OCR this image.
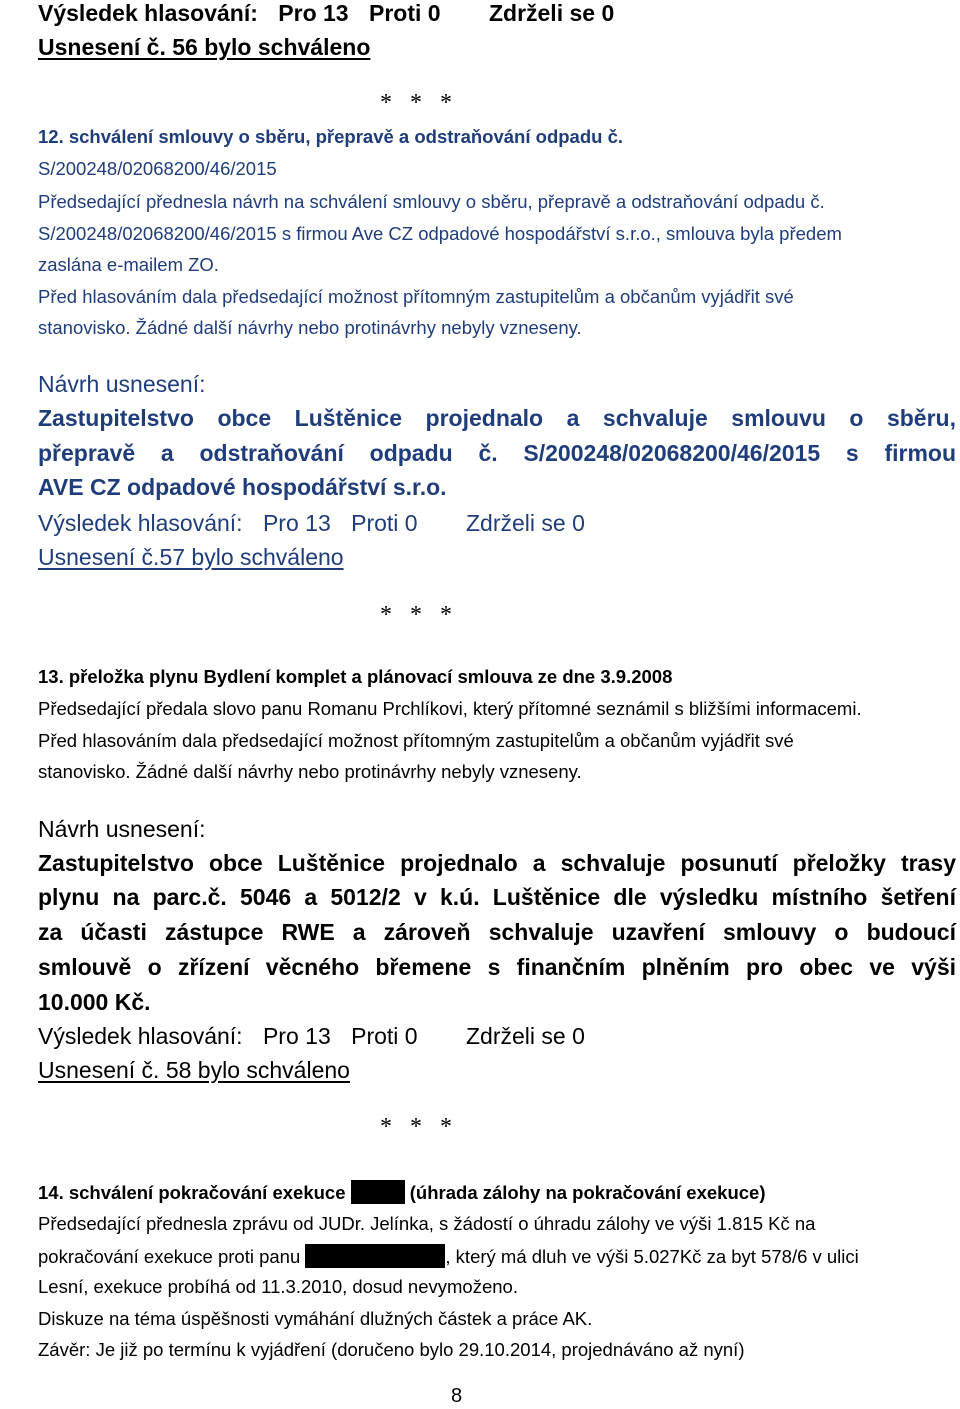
Výsledek hlasování: Pro 13 Proti 0 Zdrželi se 0
Usnesení č. 56 bylo schváleno
*   *   *
12. schválení smlouvy o sběru, přepravě a odstraňování odpadu č.
S/200248/02068200/46/2015
Předsedající přednesla návrh na schválení smlouvy o sběru, přepravě a odstraňování odpadu č.
S/200248/02068200/46/2015 s firmou Ave CZ odpadové hospodářství s.r.o., smlouva byla předem
zaslána e-mailem ZO.
Před hlasováním dala předsedající možnost přítomným zastupitelům a občanům vyjádřit své
stanovisko. Žádné další návrhy nebo protinávrhy nebyly vzneseny.
Návrh usnesení:
Zastupitelstvo obce Luštěnice projednalo a schvaluje smlouvu o sběru,
přepravě a odstraňování odpadu č. S/200248/02068200/46/2015 s firmou
AVE CZ odpadové hospodářství s.r.o.
Výsledek hlasování: Pro 13 Proti 0 Zdrželi se 0
Usnesení č.57 bylo schváleno
*   *   *
13. přeložka plynu Bydlení komplet a plánovací smlouva ze dne 3.9.2008
Předsedající předala slovo panu Romanu Prchlíkovi, který přítomné seznámil s bližšími informacemi.
Před hlasováním dala předsedající možnost přítomným zastupitelům a občanům vyjádřit své
stanovisko. Žádné další návrhy nebo protinávrhy nebyly vzneseny.
Návrh usnesení:
Zastupitelstvo obce Luštěnice projednalo a schvaluje posunutí přeložky trasy
plynu na parc.č. 5046 a 5012/2 v k.ú. Luštěnice dle výsledku místního šetření
za účasti zástupce RWE a zároveň schvaluje uzavření smlouvy o budoucí
smlouvě o zřízení věcného břemene s finančním plněním pro obec ve výši
10.000 Kč.
Výsledek hlasování: Pro 13 Proti 0 Zdrželi se 0
Usnesení č. 58 bylo schváleno
*   *   *
14. schválení pokračování exekuce	(úhrada zálohy na pokračování exekuce)
Předsedající přednesla zprávu od JUDr. Jelínka, s žádostí o úhradu zálohy ve výši 1.815 Kč na
pokračování exekuce proti panu	, který má dluh ve výši 5.027Kč za byt 578/6 v ulici
Lesní, exekuce probíhá od 11.3.2010, dosud nevymoženo.
Diskuze na téma úspěšnosti vymáhání dlužných částek a práce AK.
Závěr: Je již po termínu k vyjádření (doručeno bylo 29.10.2014, projednáváno až nyní)
8
